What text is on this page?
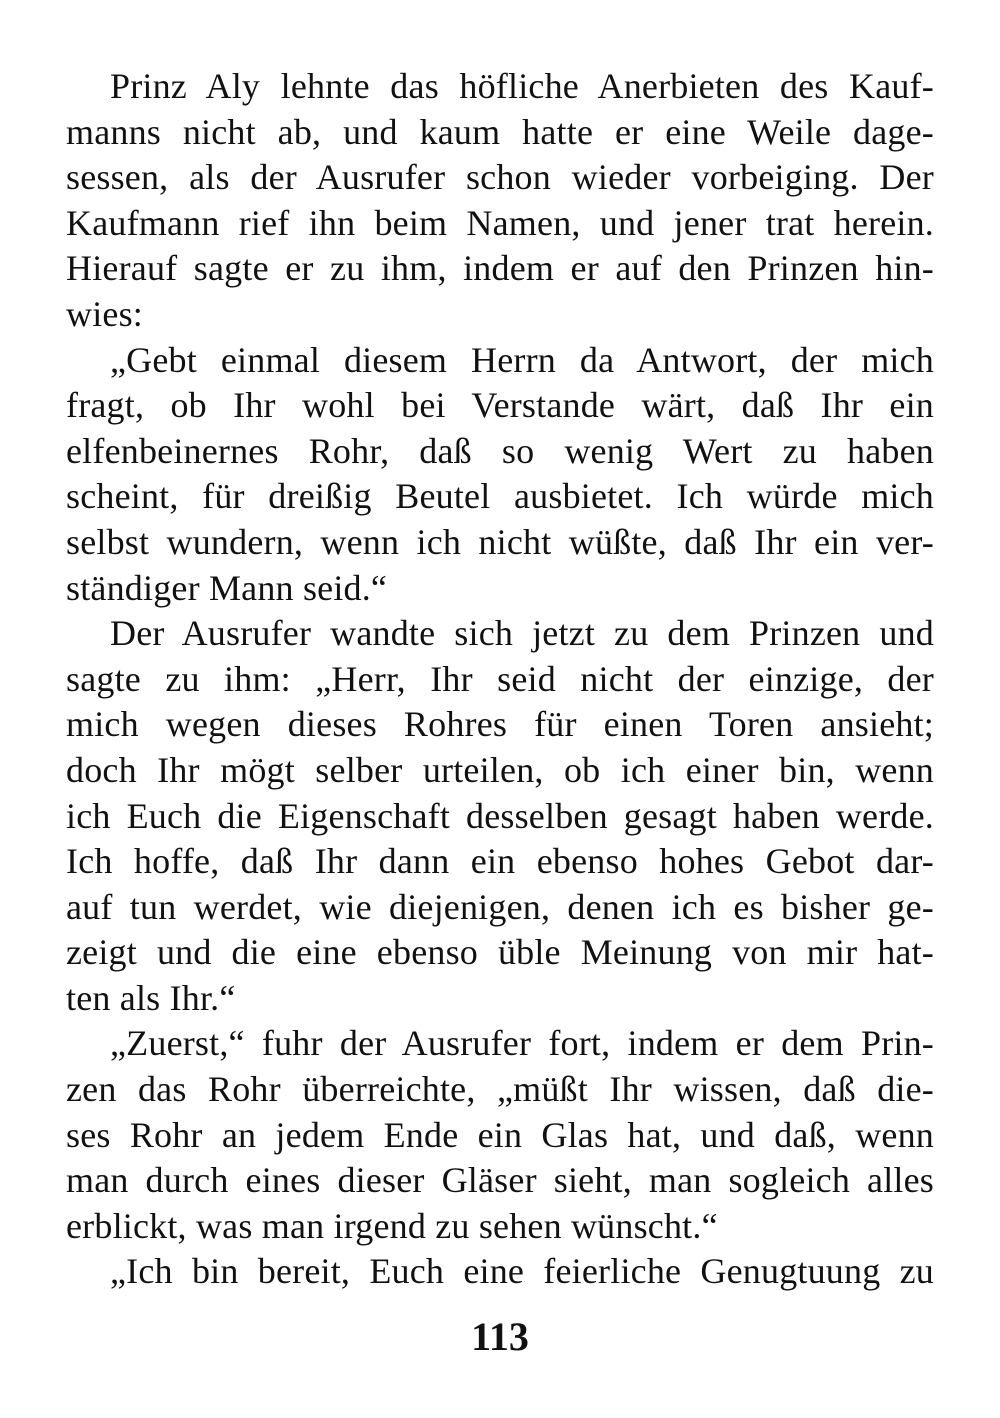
Prinz Aly lehnte das höfliche Anerbieten des Kauf-
manns nicht ab, und kaum hatte er eine Weile dage-
sessen, als der Ausrufer schon wieder vorbeiging. Der
Kaufmann rief ihn beim Namen, und jener trat herein.
Hierauf sagte er zu ihm, indem er auf den Prinzen hin-
wies:
„Gebt einmal diesem Herrn da Antwort, der mich
fragt, ob Ihr wohl bei Verstande wärt, daß Ihr ein
elfenbeinernes Rohr, daß so wenig Wert zu haben
scheint, für dreißig Beutel ausbietet. Ich würde mich
selbst wundern, wenn ich nicht wüßte, daß Ihr ein ver-
ständiger Mann seid.“
Der Ausrufer wandte sich jetzt zu dem Prinzen und
sagte zu ihm: „Herr, Ihr seid nicht der einzige, der
mich wegen dieses Rohres für einen Toren ansieht;
doch Ihr mögt selber urteilen, ob ich einer bin, wenn
ich Euch die Eigenschaft desselben gesagt haben werde.
Ich hoffe, daß Ihr dann ein ebenso hohes Gebot dar-
auf tun werdet, wie diejenigen, denen ich es bisher ge-
zeigt und die eine ebenso üble Meinung von mir hat-
ten als Ihr.“
„Zuerst,“ fuhr der Ausrufer fort, indem er dem Prin-
zen das Rohr überreichte, „müßt Ihr wissen, daß die-
ses Rohr an jedem Ende ein Glas hat, und daß, wenn
man durch eines dieser Gläser sieht, man sogleich alles
erblickt, was man irgend zu sehen wünscht.“
„Ich bin bereit, Euch eine feierliche Genugtuung zu
113
